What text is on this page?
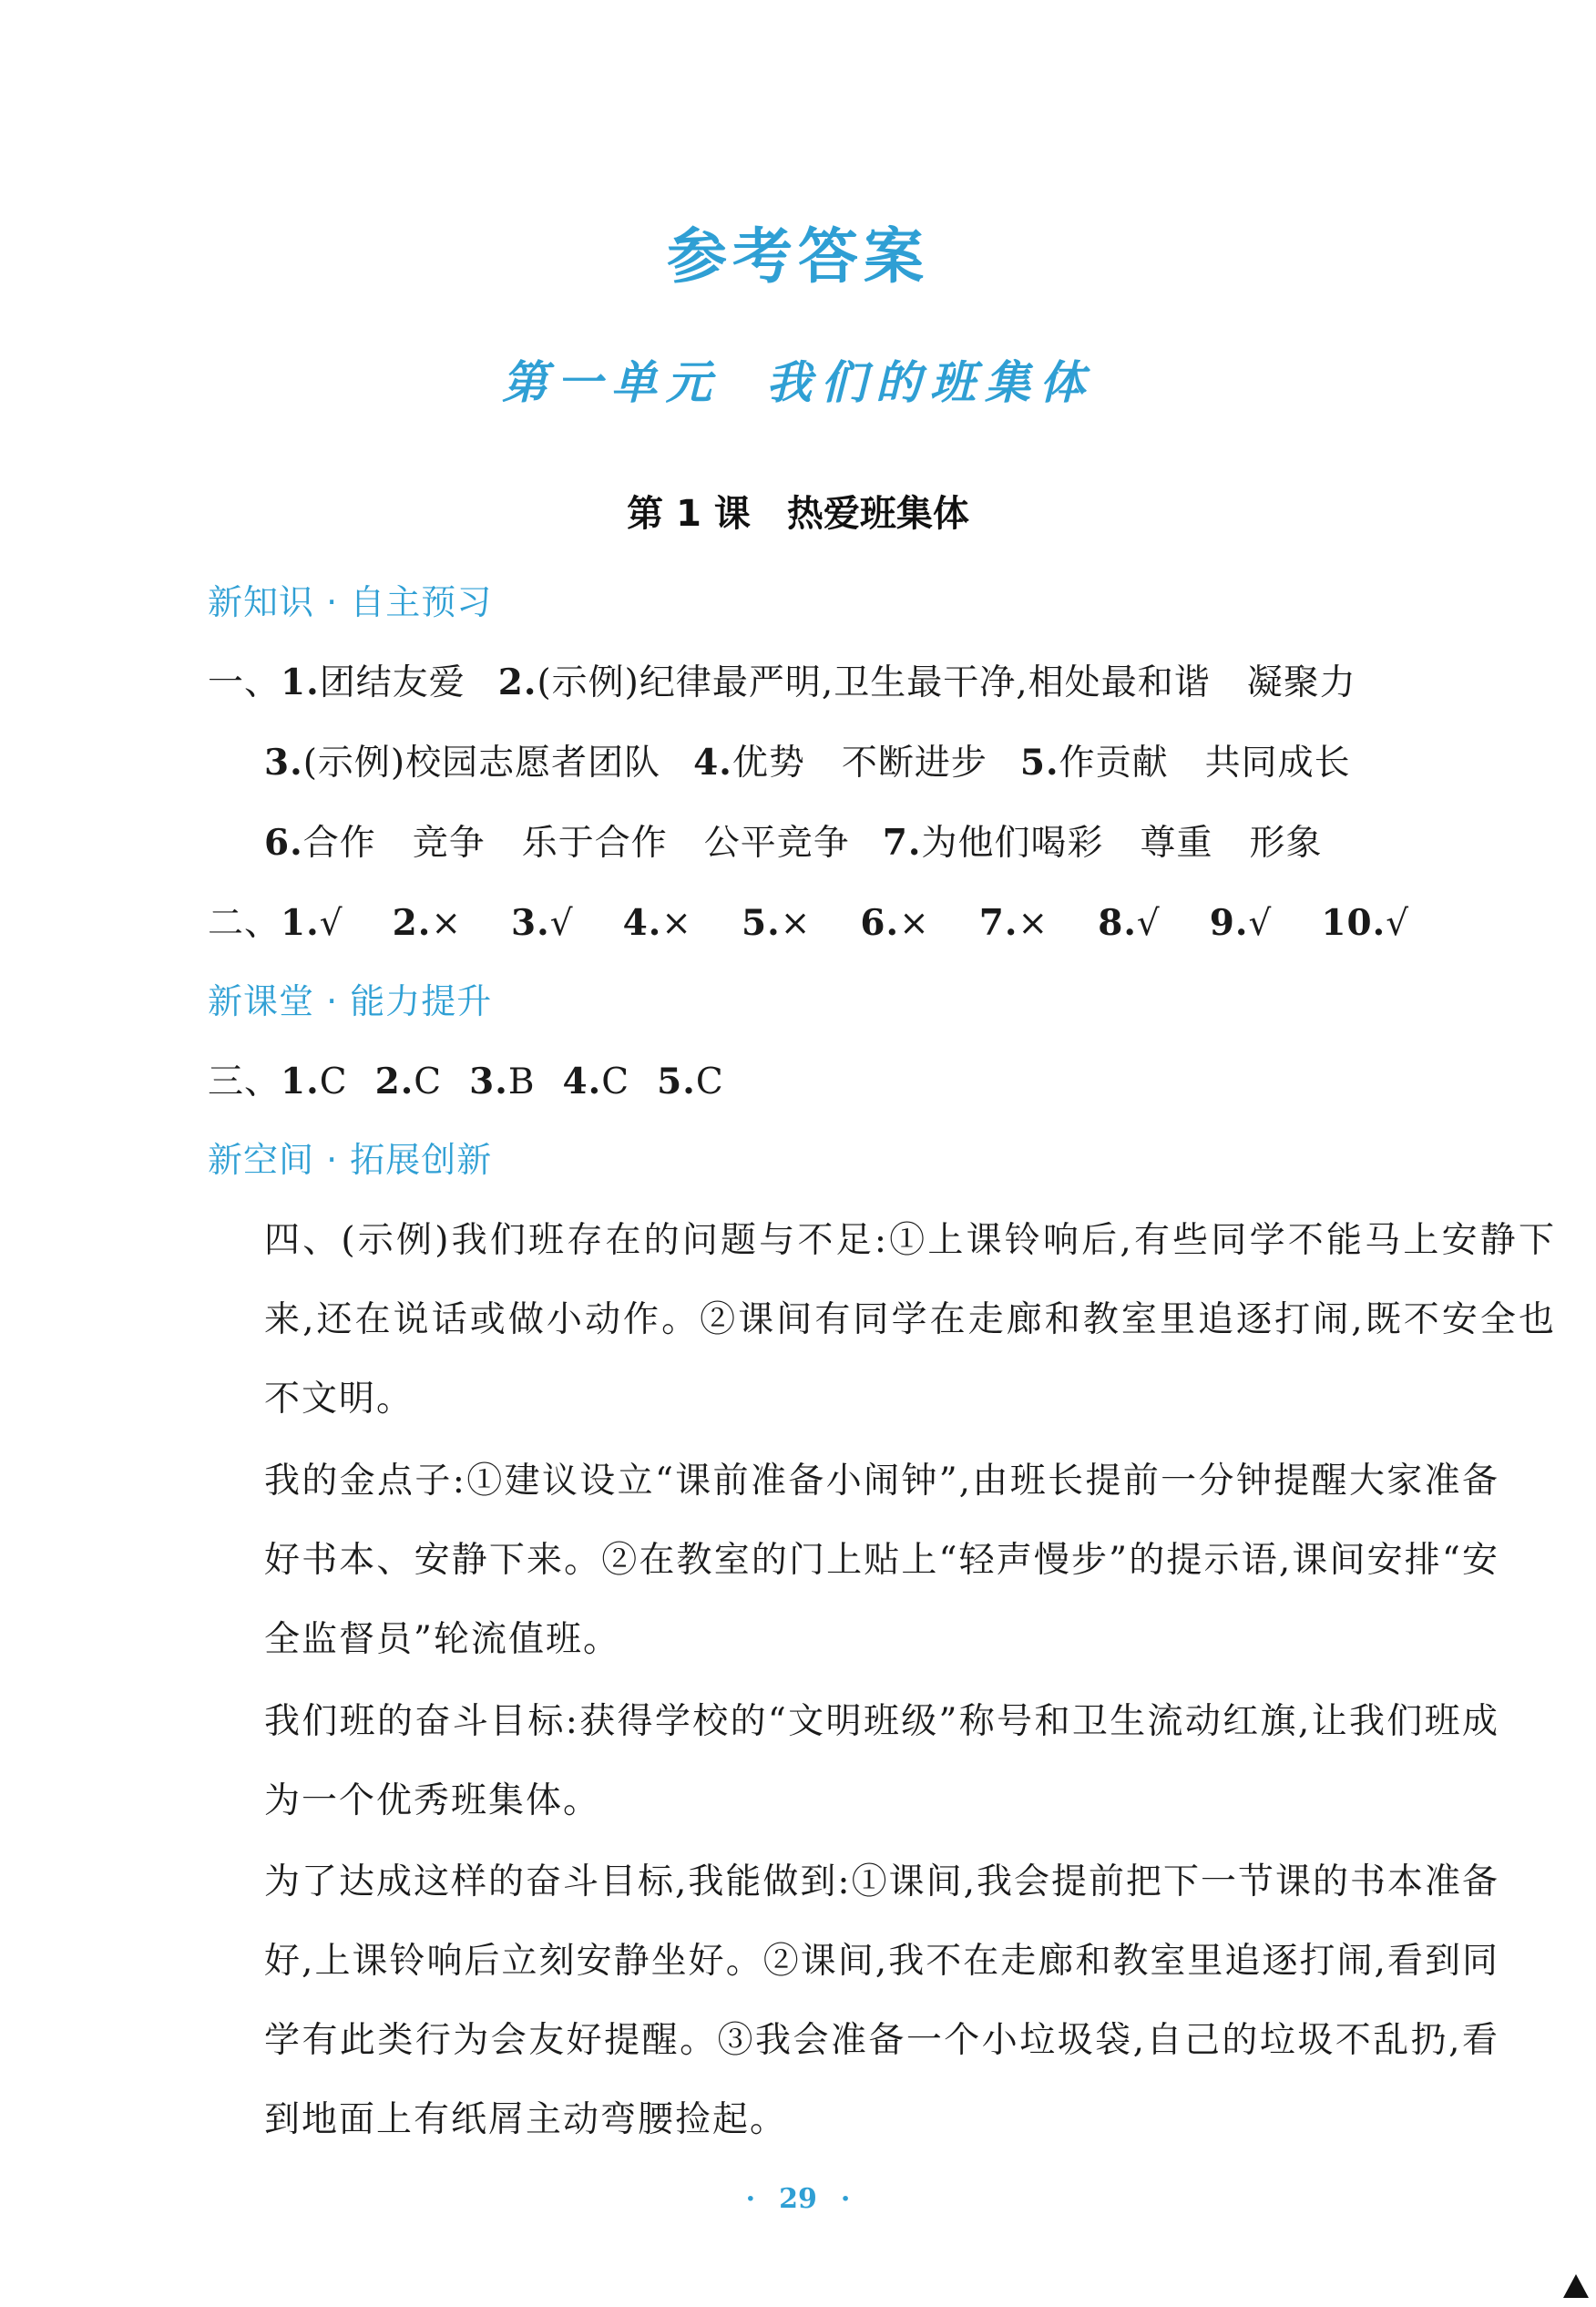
参考答案
第一单元 我们的班集体
第 1 课 热爱班集体
新知识 · 自主预习
一、1.团结友爱 2.(示例)纪律最严明,卫生最干净,相处最和谐　凝聚力
3.(示例)校园志愿者团队 4.优势　不断进步 5.作贡献　共同成长
6.合作　竞争　乐于合作　公平竞争 7.为他们喝彩　尊重　形象
二、1.√ 2.× 3.√ 4.× 5.× 6.× 7.× 8.√ 9.√ 10.√
新课堂 · 能力提升
三、1.C 2.C 3.B 4.C 5.C
新空间 · 拓展创新
四、(示例)我们班存在的问题与不足:①上课铃响后,有些同学不能马上安静下来,还在说话或做小动作。②课间有同学在走廊和教室里追逐打闹,既不安全也不文明。
我的金点子:①建议设立“课前准备小闹钟”,由班长提前一分钟提醒大家准备好书本、安静下来。②在教室的门上贴上“轻声慢步”的提示语,课间安排“安全监督员”轮流值班。
我们班的奋斗目标:获得学校的“文明班级”称号和卫生流动红旗,让我们班成为一个优秀班集体。
为了达成这样的奋斗目标,我能做到:①课间,我会提前把下一节课的书本准备好,上课铃响后立刻安静坐好。②课间,我不在走廊和教室里追逐打闹,看到同学有此类行为会友好提醒。③我会准备一个小垃圾袋,自己的垃圾不乱扔,看到地面上有纸屑主动弯腰捡起。
· 29 ·
